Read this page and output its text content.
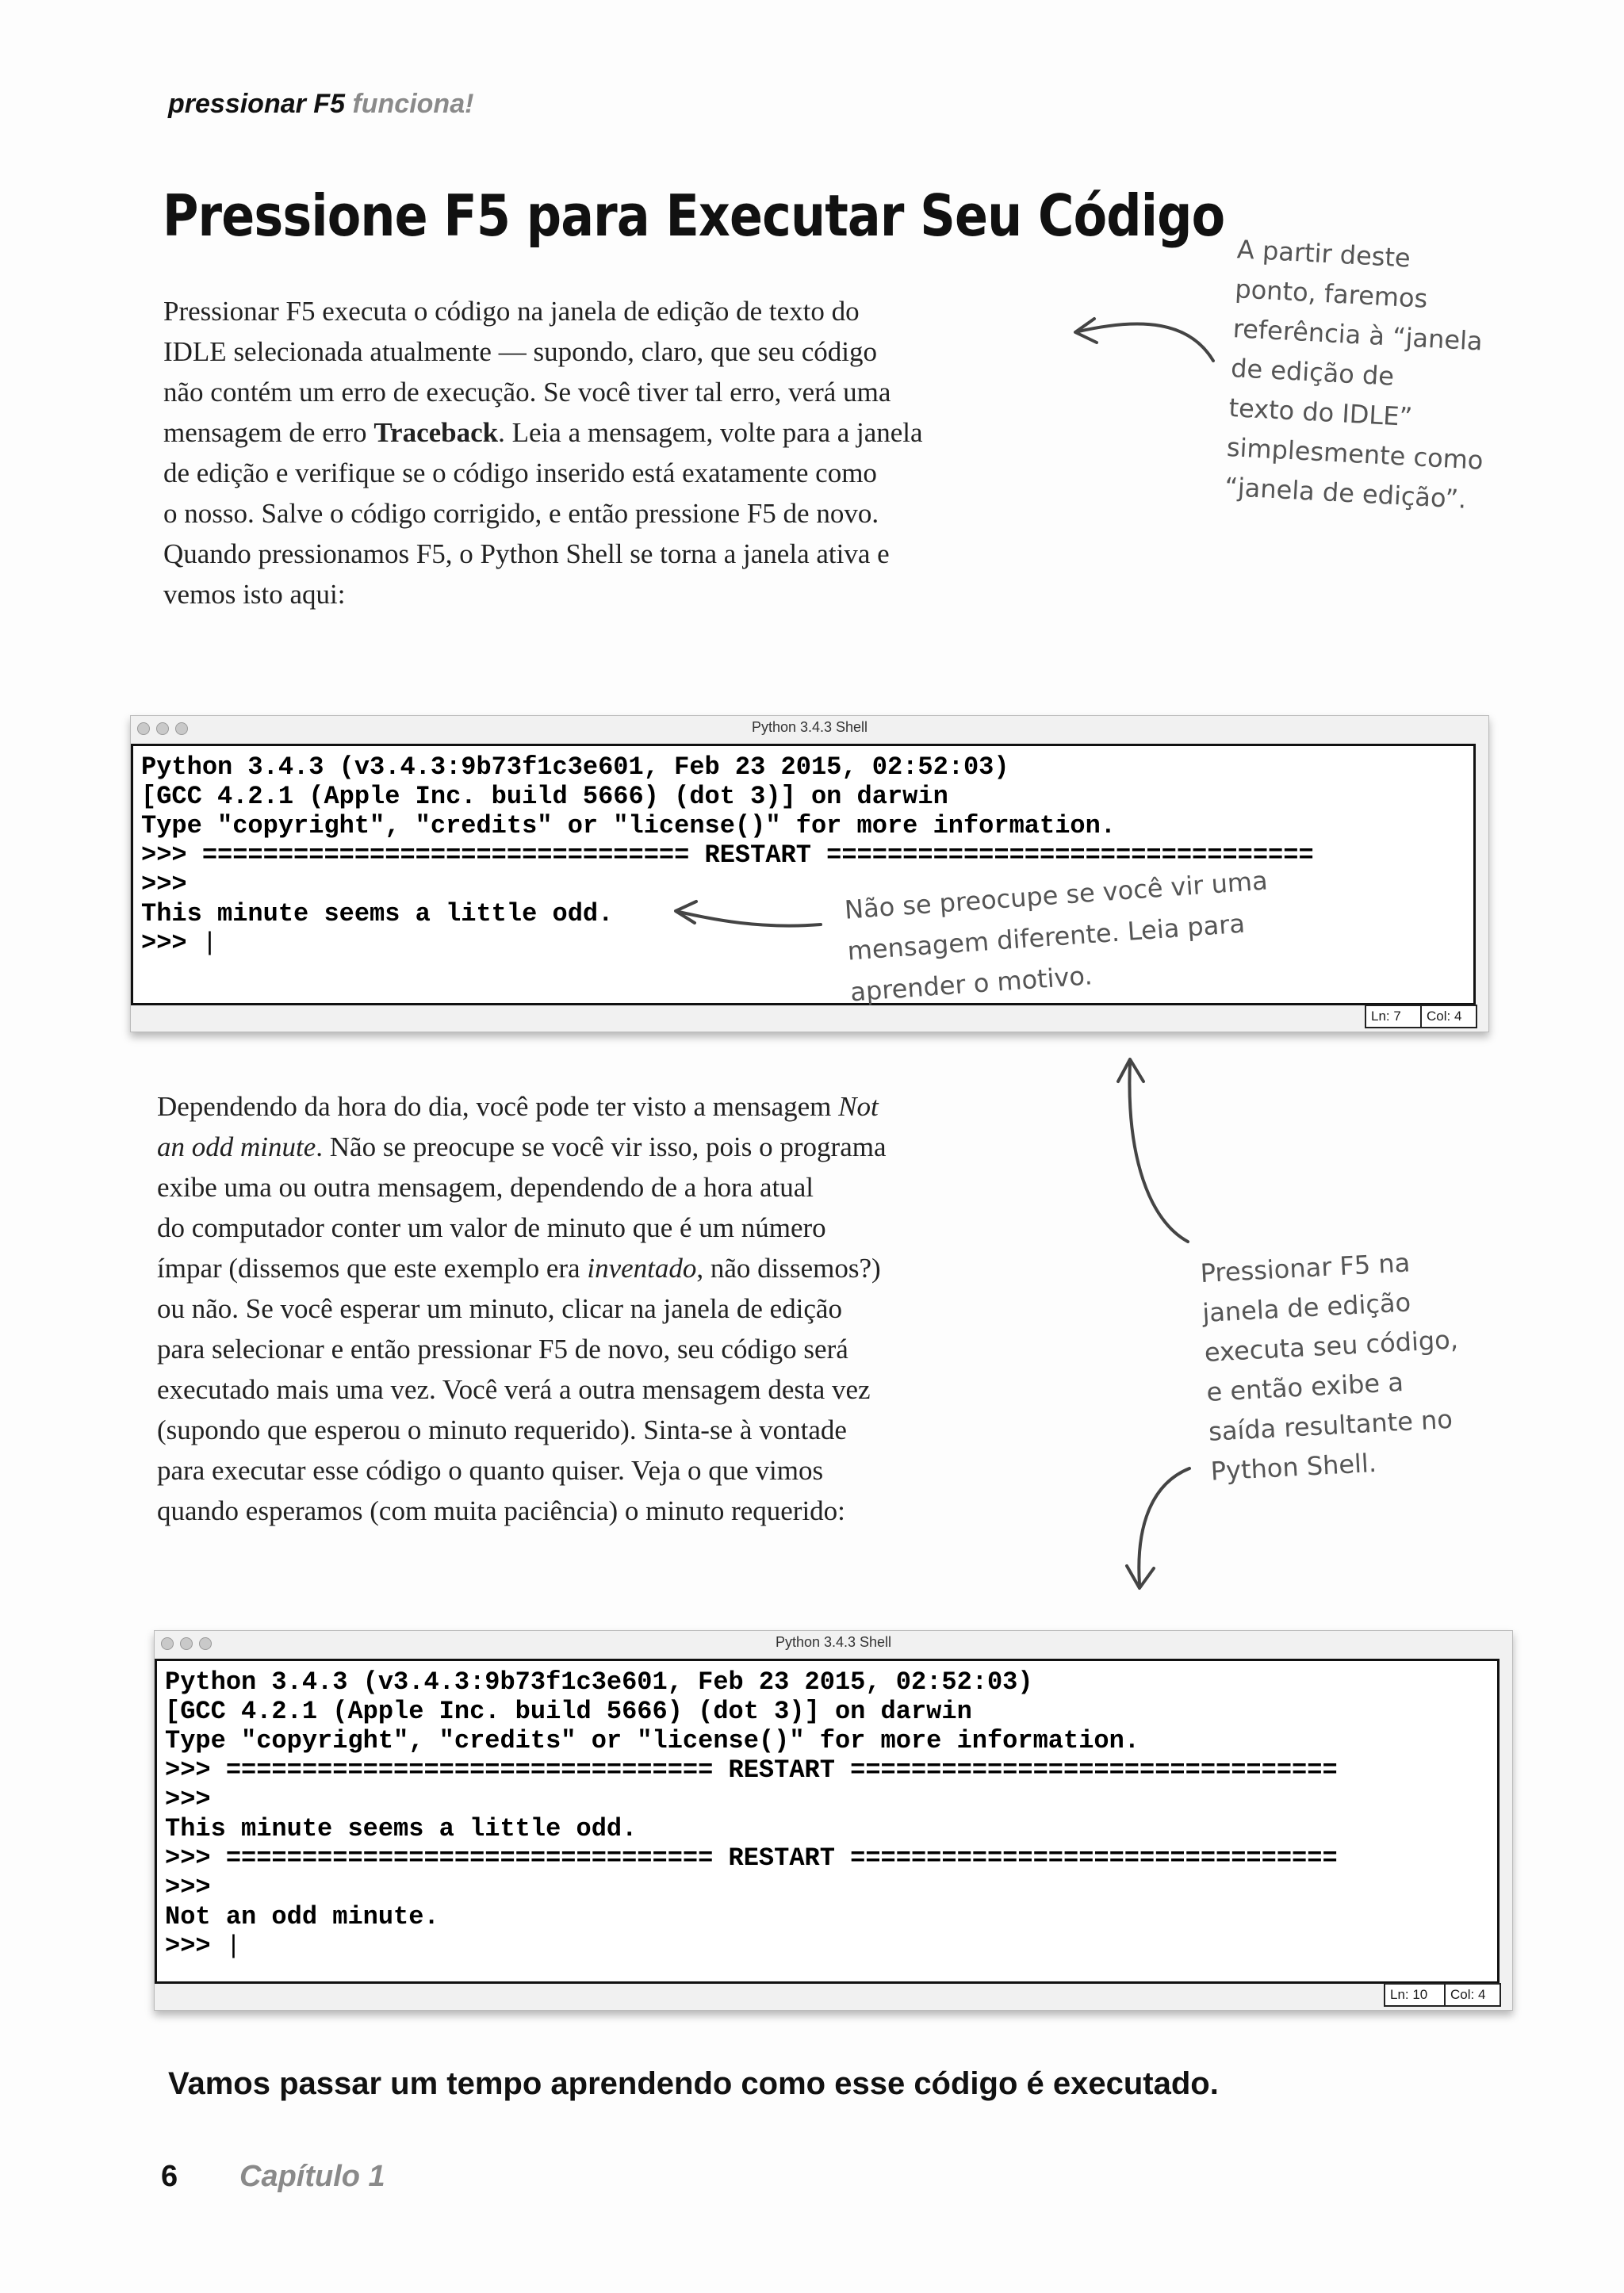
pressionar F5 funciona!
Pressione F5 para Executar Seu Código

Pressionar F5 executa o código na janela de edição de texto do
IDLE selecionada atualmente — supondo, claro, que seu código
não contém um erro de execução. Se você tiver tal erro, verá uma
mensagem de erro Traceback. Leia a mensagem, volte para a janela
de edição e verifique se o código inserido está exatamente como
o nosso. Salve o código corrigido, e então pressione F5 de novo.
Quando pressionamos F5, o Python Shell se torna a janela ativa e
vemos isto aqui:

A partir deste
ponto, faremos
referência à “janela
de edição de
texto do IDLE”
simplesmente como
“janela de edição”.

Python 3.4.3 Shell
Python 3.4.3 (v3.4.3:9b73f1c3e601, Feb 23 2015, 02:52:03)
[GCC 4.2.1 (Apple Inc. build 5666) (dot 3)] on darwin
Type "copyright", "credits" or "license()" for more information.
>>> ================================ RESTART ================================
>>>
This minute seems a little odd.
>>> |
Ln: 7	Col: 4

Não se preocupe se você vir uma
mensagem diferente. Leia para
aprender o motivo.

Dependendo da hora do dia, você pode ter visto a mensagem Not
an odd minute. Não se preocupe se você vir isso, pois o programa
exibe uma ou outra mensagem, dependendo de a hora atual
do computador conter um valor de minuto que é um número
ímpar (dissemos que este exemplo era inventado, não dissemos?)
ou não. Se você esperar um minuto, clicar na janela de edição
para selecionar e então pressionar F5 de novo, seu código será
executado mais uma vez. Você verá a outra mensagem desta vez
(supondo que esperou o minuto requerido). Sinta-se à vontade
para executar esse código o quanto quiser. Veja o que vimos
quando esperamos (com muita paciência) o minuto requerido:

Pressionar F5 na
janela de edição
executa seu código,
e então exibe a
saída resultante no
Python Shell.

Python 3.4.3 Shell
Python 3.4.3 (v3.4.3:9b73f1c3e601, Feb 23 2015, 02:52:03)
[GCC 4.2.1 (Apple Inc. build 5666) (dot 3)] on darwin
Type "copyright", "credits" or "license()" for more information.
>>> ================================ RESTART ================================
>>>
This minute seems a little odd.
>>> ================================ RESTART ================================
>>>
Not an odd minute.
>>> |
Ln: 10	Col: 4

Vamos passar um tempo aprendendo como esse código é executado.

6 Capítulo 1
